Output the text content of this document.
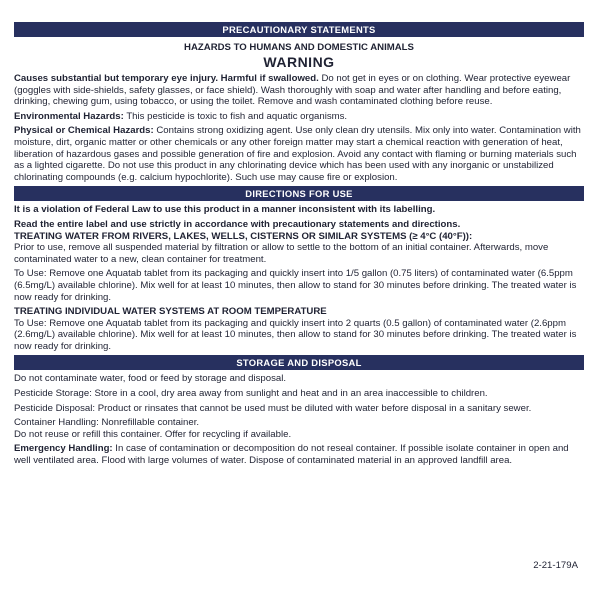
PRECAUTIONARY STATEMENTS
HAZARDS TO HUMANS AND DOMESTIC ANIMALS
WARNING

Causes substantial but temporary eye injury. Harmful if swallowed. Do not get in eyes or on clothing. Wear protective eyewear (goggles with side-shields, safety glasses, or face shield). Wash thoroughly with soap and water after handling and before eating, drinking, chewing gum, using tobacco, or using the toilet. Remove and wash contaminated clothing before reuse.

Environmental Hazards: This pesticide is toxic to fish and aquatic organisms.

Physical or Chemical Hazards: Contains strong oxidizing agent. Use only clean dry utensils. Mix only into water. Contamination with moisture, dirt, organic matter or other chemicals or any other foreign matter may start a chemical reaction with generation of heat, liberation of hazardous gases and possible generation of fire and explosion. Avoid any contact with flaming or burning materials such as a lighted cigarette. Do not use this product in any chlorinating device which has been used with any inorganic or unstabilized chlorinating compounds (e.g. calcium hypochlorite). Such use may cause fire or explosion.

DIRECTIONS FOR USE

It is a violation of Federal Law to use this product in a manner inconsistent with its labelling.

Read the entire label and use strictly in accordance with precautionary statements and directions.

TREATING WATER FROM RIVERS, LAKES, WELLS, CISTERNS OR SIMILAR SYSTEMS (≥ 4°C (40°F)):

Prior to use, remove all suspended material by filtration or allow to settle to the bottom of an initial container. Afterwards, move contaminated water to a new, clean container for treatment.

To Use: Remove one Aquatab tablet from its packaging and quickly insert into 1/5 gallon (0.75 liters) of contaminated water (6.5ppm (6.5mg/L) available chlorine). Mix well for at least 10 minutes, then allow to stand for 30 minutes before drinking. The treated water is now ready for drinking.

TREATING INDIVIDUAL WATER SYSTEMS AT ROOM TEMPERATURE

To Use: Remove one Aquatab tablet from its packaging and quickly insert into 2 quarts (0.5 gallon) of contaminated water (2.6ppm (2.6mg/L) available chlorine). Mix well for at least 10 minutes, then allow to stand for 30 minutes before drinking. The treated water is now ready for drinking.

STORAGE AND DISPOSAL

Do not contaminate water, food or feed by storage and disposal.

Pesticide Storage: Store in a cool, dry area away from sunlight and heat and in an area inaccessible to children.

Pesticide Disposal: Product or rinsates that cannot be used must be diluted with water before disposal in a sanitary sewer.

Container Handling: Nonrefillable container.

Do not reuse or refill this container. Offer for recycling if available.

Emergency Handling: In case of contamination or decomposition do not reseal container. If possible isolate container in open and well ventilated area. Flood with large volumes of water. Dispose of contaminated material in an approved landfill area.

2-21-179A
